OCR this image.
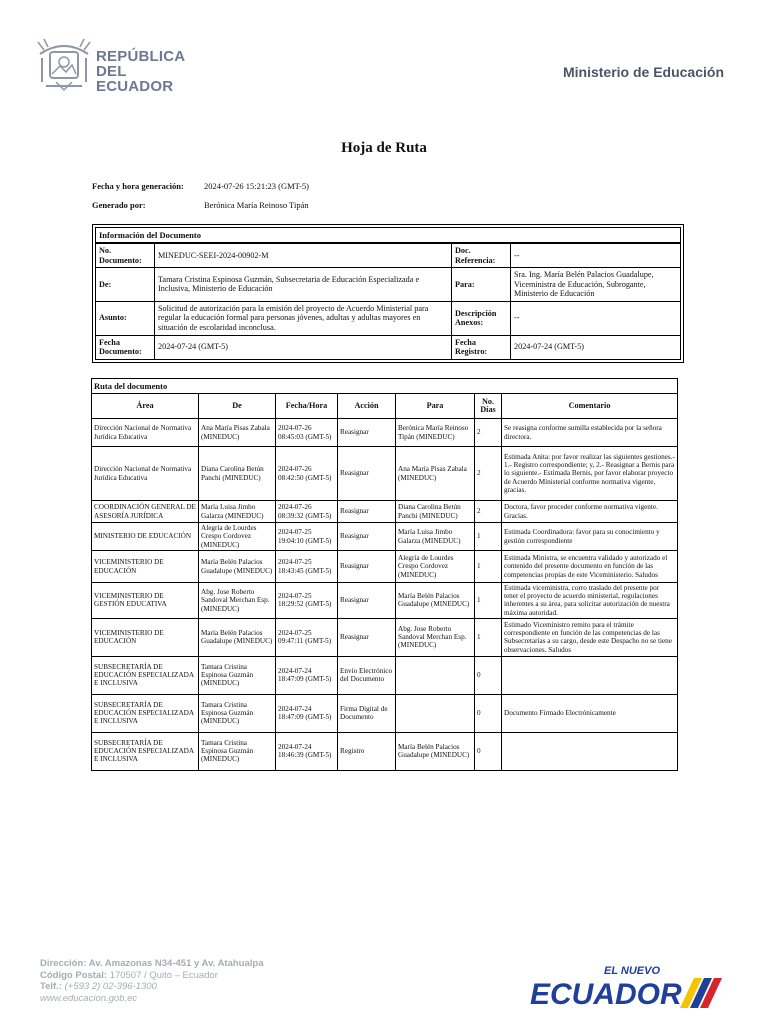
REPÚBLICA
DEL ECUADOR
Ministerio de Educación
Hoja de Ruta
Fecha y hora generación:	2024-07-26 15:21:23 (GMT-5)
Generado por:	Berónica María Reinoso Tipán
Información del Documento
No. Documento:	MINEDUC-SEEI-2024-00902-M	Doc. Referencia:	--
De:	Tamara Cristina Espinosa Guzmán, Subsecretaria de Educación Especializada e Inclusiva, Ministerio de Educación	Para:	Sra. Ing. María Belén Palacios Guadalupe, Viceministra de Educación, Subrogante, Ministerio de Educación
Asunto:	Solicitud de autorización para la emisión del proyecto de Acuerdo Ministerial para regular la educación formal para personas jóvenes, adultas y adultas mayores en situación de escolaridad inconclusa.	Descripción Anexos:	--
Fecha Documento:	2024-07-24 (GMT-5)	Fecha Registro:	2024-07-24 (GMT-5)
Ruta del documento						
Área	De	Fecha/Hora	Acción	Para	No. Días	Comentario
Dirección Nacional de Normativa Jurídica Educativa	Ana María Pisas Zabala (MINEDUC)	2024-07-26 08:45:03 (GMT-5)	Reasignar	Berónica María Reinoso Tipán (MINEDUC)	2	Se reasigna conforme sumilla establecida por la señora directora.
Dirección Nacional de Normativa Jurídica Educativa	Diana Carolina Betún Panchi (MINEDUC)	2024-07-26 08:42:50 (GMT-5)	Reasignar	Ana María Pisas Zabala (MINEDUC)	2	Estimada Anita: por favor realizar las siguientes gestiones.- 1.- Registro correspondiente; y, 2.- Reasignar a Bernis para lo siguiente.- Estimada Bernis, por favor elaborar proyecto de Acuerdo Ministerial conforme normativa vigente, gracias.
COORDINACIÓN GENERAL DE ASESORÍA JURÍDICA	María Luisa Jimbo Galarza (MINEDUC)	2024-07-26 08:39:32 (GMT-5)	Reasignar	Diana Carolina Betún Panchi (MINEDUC)	2	Doctora, favor proceder conforme normativa vigente. Gracias.
MINISTERIO DE EDUCACIÓN	Alegría de Lourdes Crespo Cordovez (MINEDUC)	2024-07-25 19:04:10 (GMT-5)	Reasignar	María Luisa Jimbo Galarza (MINEDUC)	1	Estimada Coordinadora: favor para su conocimiento y gestión correspondiente
VICEMINISTERIO DE EDUCACIÓN	María Belén Palacios Guadalupe (MINEDUC)	2024-07-25 18:43:45 (GMT-5)	Reasignar	Alegría de Lourdes Crespo Cordovez (MINEDUC)	1	Estimada Ministra, se encuentra validado y autorizado el contenido del presente documento en función de las competencias propias de este Viceministerio. Saludos
VICEMINISTERIO DE GESTIÓN EDUCATIVA	Abg. Jose Roberto Sandoval Merchan Esp. (MINEDUC)	2024-07-25 18:29:52 (GMT-5)	Reasignar	María Belén Palacios Guadalupe (MINEDUC)	1	Estimada viceministra, corro traslado del presente por tener el proyecto de acuerdo ministerial, regulaciones inherentes a su área, para solicitar autorización de nuestra máxima autoridad.
VICEMINISTERIO DE EDUCACIÓN	María Belén Palacios Guadalupe (MINEDUC)	2024-07-25 09:47:11 (GMT-5)	Reasignar	Abg. Jose Roberto Sandoval Merchan Esp. (MINEDUC)	1	Estimado Viceministro remito para el trámite correspondiente en función de las competencias de las Subsecretarías a su cargo, desde este Despacho no se tiene observaciones. Saludos
SUBSECRETARÍA DE EDUCACIÓN ESPECIALIZADA E INCLUSIVA	Tamara Cristina Espinosa Guzmán (MINEDUC)	2024-07-24 18:47:09 (GMT-5)	Envío Electrónico del Documento		0	
SUBSECRETARÍA DE EDUCACIÓN ESPECIALIZADA E INCLUSIVA	Tamara Cristina Espinosa Guzmán (MINEDUC)	2024-07-24 18:47:09 (GMT-5)	Firma Digital de Documento		0	Documento Firmado Electrónicamente
SUBSECRETARÍA DE EDUCACIÓN ESPECIALIZADA E INCLUSIVA	Tamara Cristina Espinosa Guzmán (MINEDUC)	2024-07-24 18:46:39 (GMT-5)	Registro	María Belén Palacios Guadalupe (MINEDUC)	0	
Dirección: Av. Amazonas N34-451 y Av. Atahualpa
Código Postal: 170507 / Quito – Ecuador
Telf.: (+593 2) 02-396-1300
www.educacion.gob.ec
EL NUEVO
ECUADOR
